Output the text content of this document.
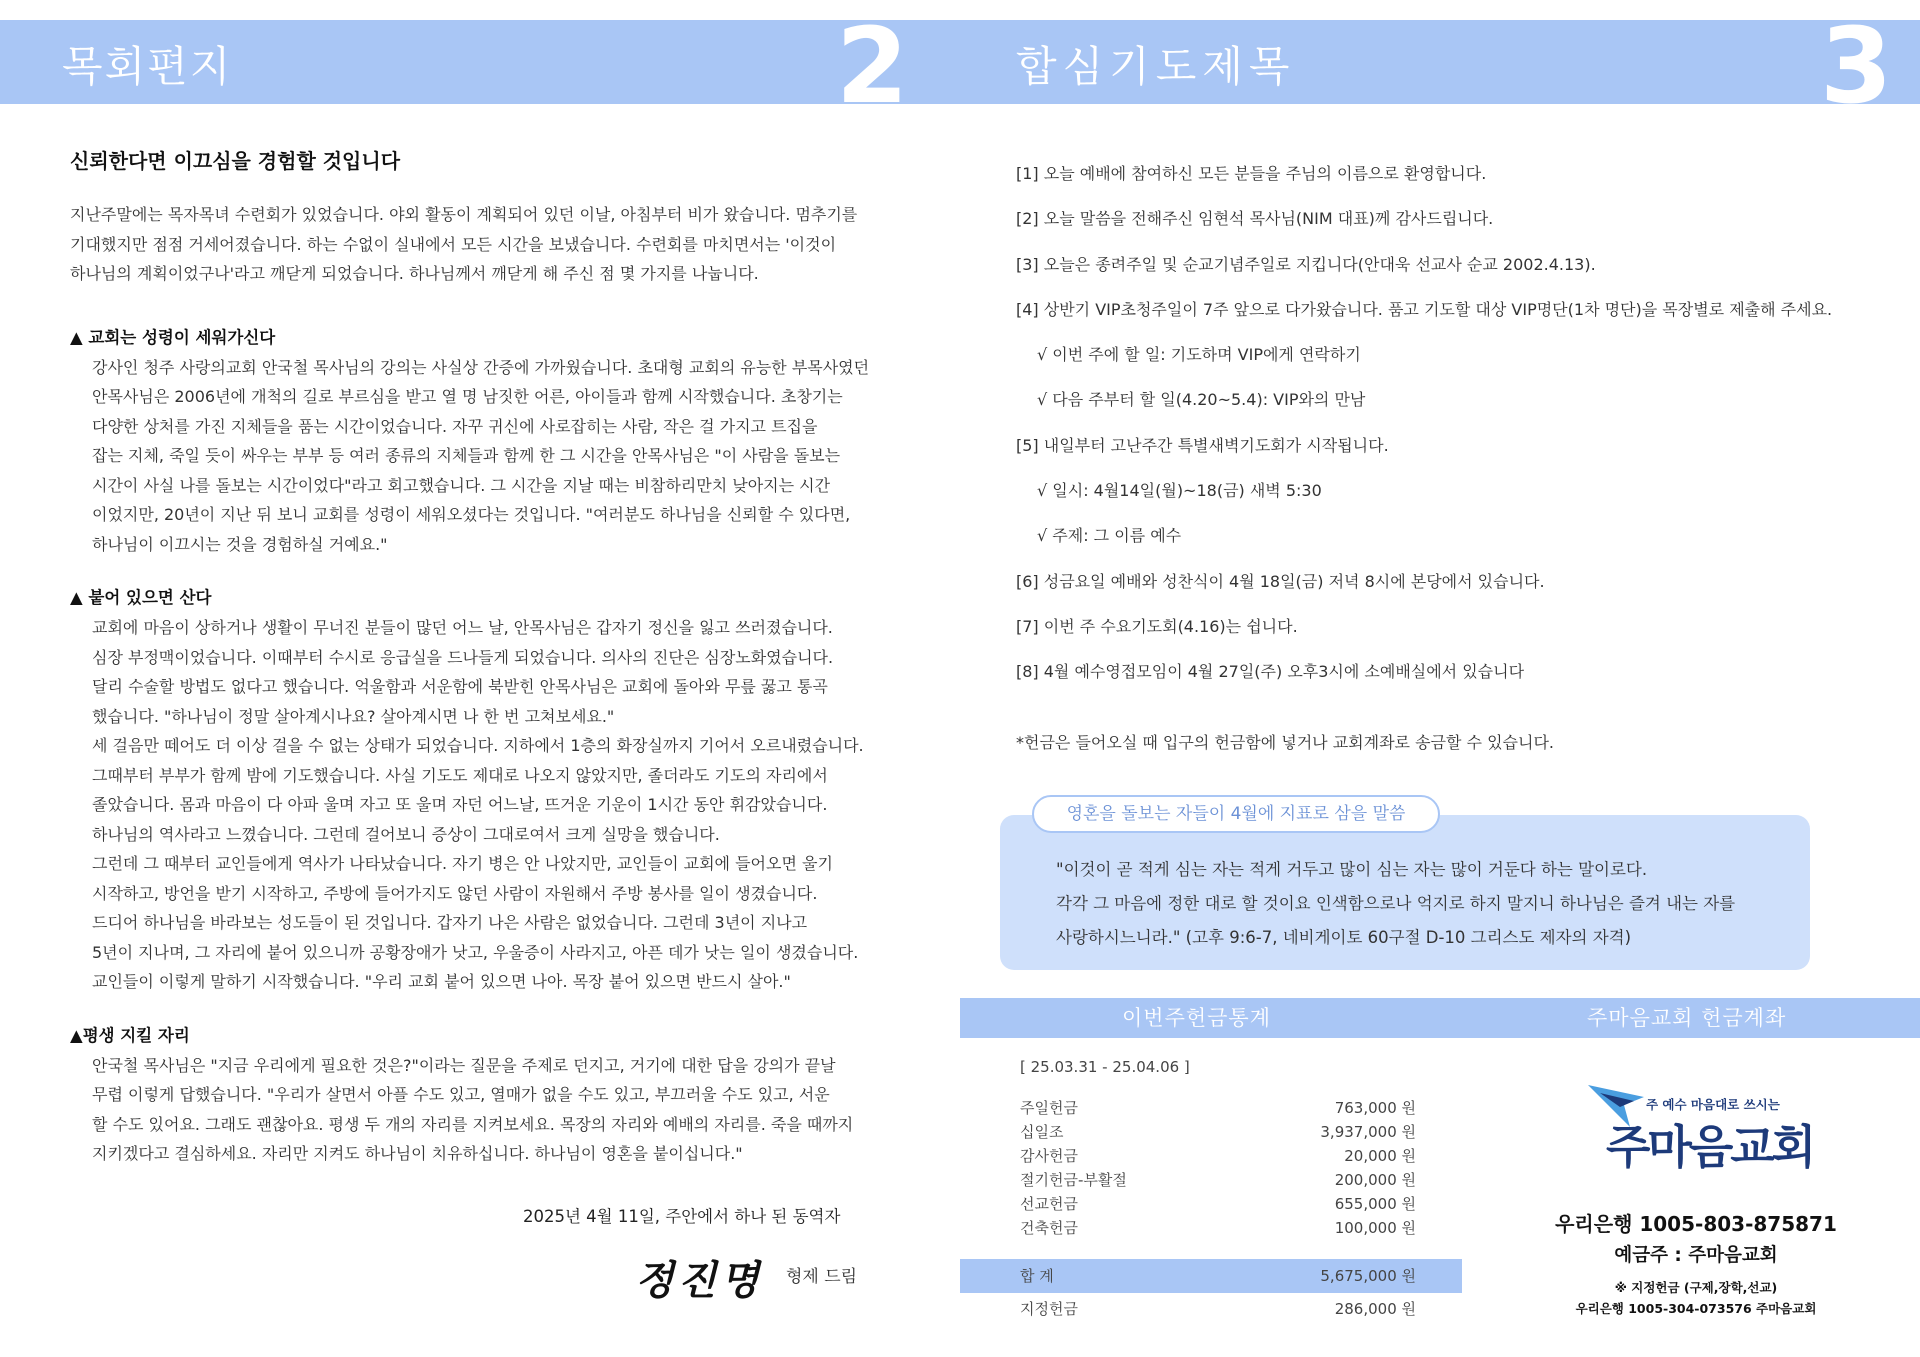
목회편지	2	합심기도제목	3
신뢰한다면 이끄심을 경험할 것입니다
지난주말에는 목자목녀 수련회가 있었습니다. 야외 활동이 계획되어 있던 이날, 아침부터 비가 왔습니다. 멈추기를
기대했지만 점점 거세어졌습니다. 하는 수없이 실내에서 모든 시간을 보냈습니다. 수련회를 마치면서는 '이것이
하나님의 계획이었구나'라고 깨닫게 되었습니다. 하나님께서 깨닫게 해 주신 점 몇 가지를 나눕니다.
▲ 교회는 성령이 세워가신다
강사인 청주 사랑의교회 안국철 목사님의 강의는 사실상 간증에 가까웠습니다. 초대형 교회의 유능한 부목사였던
안목사님은 2006년에 개척의 길로 부르심을 받고 열 명 남짓한 어른, 아이들과 함께 시작했습니다. 초창기는
다양한 상처를 가진 지체들을 품는 시간이었습니다. 자꾸 귀신에 사로잡히는 사람, 작은 걸 가지고 트집을
잡는 지체, 죽일 듯이 싸우는 부부 등 여러 종류의 지체들과 함께 한 그 시간을 안목사님은 "이 사람을 돌보는
시간이 사실 나를 돌보는 시간이었다"라고 회고했습니다. 그 시간을 지날 때는 비참하리만치 낮아지는 시간
이었지만, 20년이 지난 뒤 보니 교회를 성령이 세워오셨다는 것입니다. "여러분도 하나님을 신뢰할 수 있다면,
하나님이 이끄시는 것을 경험하실 거예요."
▲ 붙어 있으면 산다
교회에 마음이 상하거나 생활이 무너진 분들이 많던 어느 날, 안목사님은 갑자기 정신을 잃고 쓰러졌습니다.
심장 부정맥이었습니다. 이때부터 수시로 응급실을 드나들게 되었습니다. 의사의 진단은 심장노화였습니다.
달리 수술할 방법도 없다고 했습니다. 억울함과 서운함에 북받힌 안목사님은 교회에 돌아와 무릎 꿇고 통곡
했습니다. "하나님이 정말 살아계시나요? 살아계시면 나 한 번 고쳐보세요."
세 걸음만 떼어도 더 이상 걸을 수 없는 상태가 되었습니다. 지하에서 1층의 화장실까지 기어서 오르내렸습니다.
그때부터 부부가 함께 밤에 기도했습니다. 사실 기도도 제대로 나오지 않았지만, 졸더라도 기도의 자리에서
졸았습니다. 몸과 마음이 다 아파 울며 자고 또 울며 자던 어느날, 뜨거운 기운이 1시간 동안 휘감았습니다.
하나님의 역사라고 느꼈습니다. 그런데 걸어보니 증상이 그대로여서 크게 실망을 했습니다.
그런데 그 때부터 교인들에게 역사가 나타났습니다. 자기 병은 안 나았지만, 교인들이 교회에 들어오면 울기
시작하고, 방언을 받기 시작하고, 주방에 들어가지도 않던 사람이 자원해서 주방 봉사를 일이 생겼습니다.
드디어 하나님을 바라보는 성도들이 된 것입니다. 갑자기 나은 사람은 없었습니다. 그런데 3년이 지나고
5년이 지나며, 그 자리에 붙어 있으니까 공황장애가 낫고, 우울증이 사라지고, 아픈 데가 낫는 일이 생겼습니다.
교인들이 이렇게 말하기 시작했습니다. "우리 교회 붙어 있으면 나아. 목장 붙어 있으면 반드시 살아."
▲평생 지킬 자리
안국철 목사님은 "지금 우리에게 필요한 것은?"이라는 질문을 주제로 던지고, 거기에 대한 답을 강의가 끝날
무렵 이렇게 답했습니다. "우리가 살면서 아플 수도 있고, 열매가 없을 수도 있고, 부끄러울 수도 있고, 서운
할 수도 있어요. 그래도 괜찮아요. 평생 두 개의 자리를 지켜보세요. 목장의 자리와 예배의 자리를. 죽을 때까지
지키겠다고 결심하세요. 자리만 지켜도 하나님이 치유하십니다. 하나님이 영혼을 붙이십니다."
2025년 4월 11일, 주안에서 하나 된 동역자
정진명 형제 드림
[1] 오늘 예배에 참여하신 모든 분들을 주님의 이름으로 환영합니다.
[2] 오늘 말씀을 전해주신 임현석 목사님(NIM 대표)께 감사드립니다.
[3] 오늘은 종려주일 및 순교기념주일로 지킵니다(안대욱 선교사 순교 2002.4.13).
[4] 상반기 VIP초청주일이 7주 앞으로 다가왔습니다. 품고 기도할 대상 VIP명단(1차 명단)을 목장별로 제출해 주세요.
√ 이번 주에 할 일: 기도하며 VIP에게 연락하기
√ 다음 주부터 할 일(4.20~5.4): VIP와의 만남
[5] 내일부터 고난주간 특별새벽기도회가 시작됩니다.
√ 일시: 4월14일(월)~18(금) 새벽 5:30
√ 주제: 그 이름 예수
[6] 성금요일 예배와 성찬식이 4월 18일(금) 저녁 8시에 본당에서 있습니다.
[7] 이번 주 수요기도회(4.16)는 쉽니다.
[8] 4월 예수영접모임이 4월 27일(주) 오후3시에 소예배실에서 있습니다
*헌금은 들어오실 때 입구의 헌금함에 넣거나 교회계좌로 송금할 수 있습니다.
영혼을 돌보는 자들이 4월에 지표로 삼을 말씀
"이것이 곧 적게 심는 자는 적게 거두고 많이 심는 자는 많이 거둔다 하는 말이로다.
각각 그 마음에 정한 대로 할 것이요 인색함으로나 억지로 하지 말지니 하나님은 즐겨 내는 자를
사랑하시느니라." (고후 9:6-7, 네비게이토 60구절 D-10 그리스도 제자의 자격)
이번주헌금통계	주마음교회 헌금계좌
[ 25.03.31 - 25.04.06 ]
주일헌금	763,000 원
십일조	3,937,000 원
감사헌금	20,000 원
절기헌금-부활절	200,000 원
선교헌금	655,000 원
건축헌금	100,000 원
합 계	5,675,000 원
지정헌금	286,000 원
주 예수 마음대로 쓰시는
주마음교회
우리은행 1005-803-875871
예금주 : 주마음교회
※ 지정헌금 (구제,장학,선교)
우리은행 1005-304-073576 주마음교회
